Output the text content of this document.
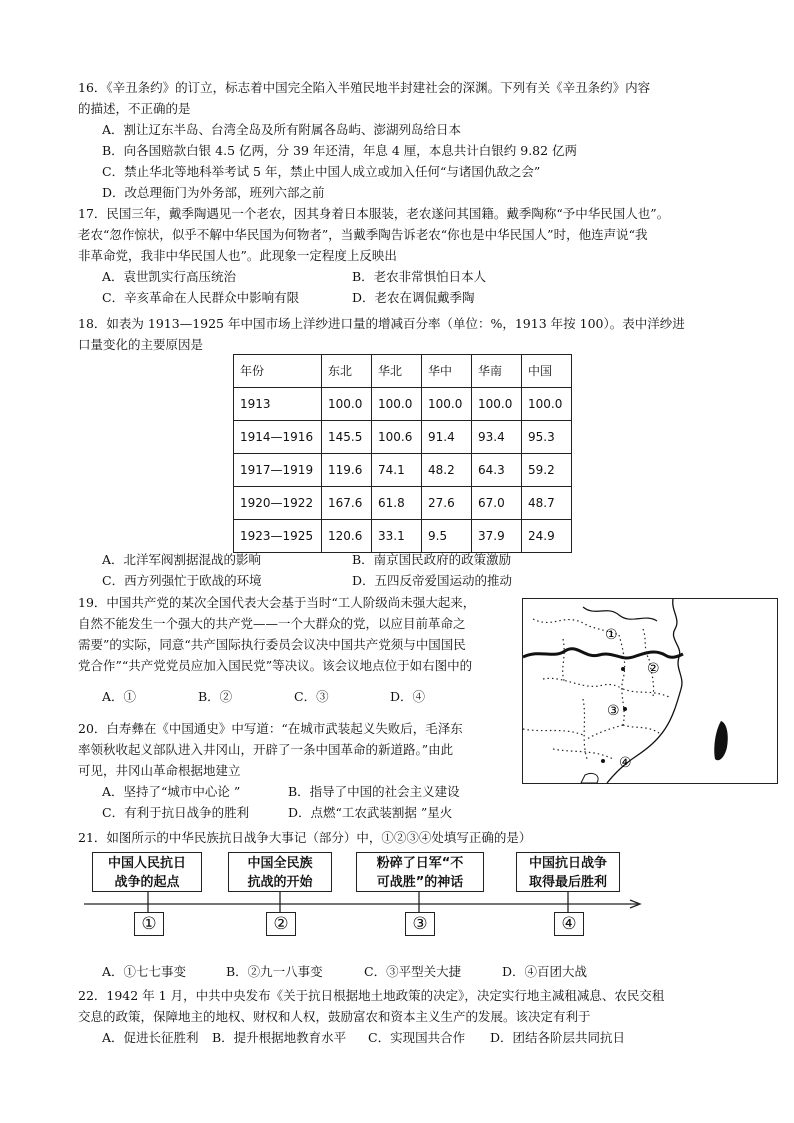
16．《辛丑条约》的订立，标志着中国完全陷入半殖民地半封建社会的深渊。下列有关《辛丑条约》内容
的描述，不正确的是
A．割让辽东半岛、台湾全岛及所有附属各岛屿、澎湖列岛给日本
B．向各国赔款白银 4.5 亿两，分 39 年还清，年息 4 厘，本息共计白银约 9.82 亿两
C．禁止华北等地科举考试 5 年，禁止中国人成立或加入任何“与诸国仇敌之会”
D．改总理衙门为外务部，班列六部之前
17．民国三年，戴季陶遇见一个老农，因其身着日本服装，老农遂问其国籍。戴季陶称“予中华民国人也”。
老农“忽作惊状，似乎不解中华民国为何物者”，当戴季陶告诉老农“你也是中华民国人”时，他连声说“我
非革命党，我非中华民国人也”。此现象一定程度上反映出
A．袁世凯实行高压统治	B．老农非常惧怕日本人
C．辛亥革命在人民群众中影响有限	D．老农在调侃戴季陶
18．如表为 1913—1925 年中国市场上洋纱进口量的增减百分率（单位：%，1913 年按 100）。表中洋纱进
口量变化的主要原因是
年份	东北	华北	华中	华南	中国
1913	100.0	100.0	100.0	100.0	100.0
1914—1916	145.5	100.6	91.4	93.4	95.3
1917—1919	119.6	74.1	48.2	64.3	59.2
1920—1922	167.6	61.8	27.6	67.0	48.7
1923—1925	120.6	33.1	9.5	37.9	24.9
A．北洋军阀割据混战的影响	B．南京国民政府的政策激励
C．西方列强忙于欧战的环境	D．五四反帝爱国运动的推动
19．中国共产党的某次全国代表大会基于当时“工人阶级尚未强大起来，
自然不能发生一个强大的共产党——一个大群众的党，以应目前革命之
需要”的实际，同意“共产国际执行委员会议决中国共产党须与中国国民
党合作”“共产党党员应加入国民党”等决议。该会议地点位于如右图中的
A．①	B．②	C．③	D．④
①
②
③
④
20．白寿彝在《中国通史》中写道：“在城市武装起义失败后，毛泽东
率领秋收起义部队进入井冈山，开辟了一条中国革命的新道路。”由此
可见，井冈山革命根据地建立
A．坚持了“城市中心论 ”	B．指导了中国的社会主义建设
C．有利于抗日战争的胜利	D．点燃“工农武装割据 ”星火
21．如图所示的中华民族抗日战争大事记（部分）中，①②③④处填写正确的是）
中国人民抗日
战争的起点
中国全民族
抗战的开始
粉碎了日军“不
可战胜”的神话
中国抗日战争
取得最后胜利
①	②	③	④
A．①七七事变	B．②九一八事变	C．③平型关大捷	D．④百团大战
22．1942 年 1 月，中共中央发布《关于抗日根据地土地政策的决定》，决定实行地主减租减息、农民交租
交息的政策，保障地主的地权、财权和人权，鼓励富农和资本主义生产的发展。该决定有利于
A．促进长征胜利	B．提升根据地教育水平	C．实现国共合作	D．团结各阶层共同抗日
